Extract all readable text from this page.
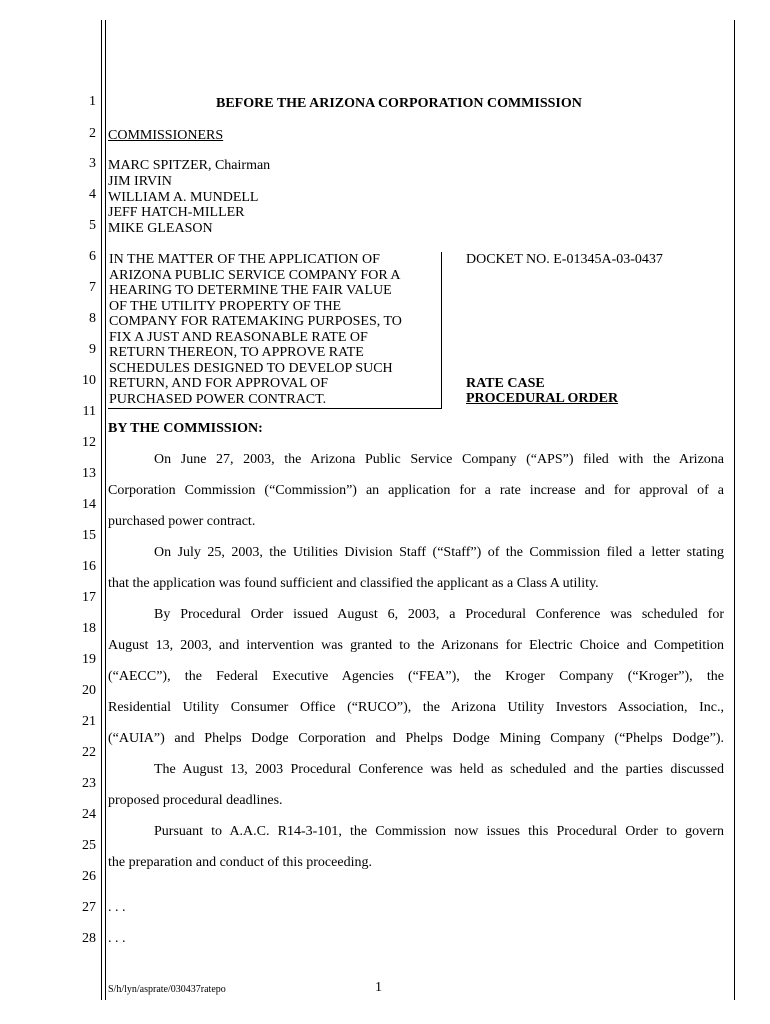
1
2
3
4
5
6
7
8
9
10
11
12
13
14
15
16
17
18
19
20
21
22
23
24
25
26
27
28
BEFORE THE ARIZONA CORPORATION COMMISSION
COMMISSIONERS
MARC SPITZER, Chairman
JIM IRVIN
WILLIAM A. MUNDELL
JEFF HATCH-MILLER
MIKE GLEASON
IN THE MATTER OF THE APPLICATION OF
ARIZONA PUBLIC SERVICE COMPANY FOR A
HEARING TO DETERMINE THE FAIR VALUE
OF THE UTILITY PROPERTY OF THE
COMPANY FOR RATEMAKING PURPOSES, TO
FIX A JUST AND REASONABLE RATE OF
RETURN THEREON, TO APPROVE RATE
SCHEDULES DESIGNED TO DEVELOP SUCH
RETURN, AND FOR APPROVAL OF
PURCHASED POWER CONTRACT.
DOCKET NO. E-01345A-03-0437
RATE CASE
PROCEDURAL ORDER
BY THE COMMISSION:
On June 27, 2003, the Arizona Public Service Company (“APS”) filed with the Arizona
Corporation Commission (“Commission”) an application for a rate increase and for approval of a
purchased power contract.
On July 25, 2003, the Utilities Division Staff (“Staff”) of the Commission filed a letter stating
that the application was found sufficient and classified the applicant as a Class A utility.
By Procedural Order issued August 6, 2003, a Procedural Conference was scheduled for
August 13, 2003, and intervention was granted to the Arizonans for Electric Choice and Competition
(“AECC”), the Federal Executive Agencies (“FEA”), the Kroger Company (“Kroger”), the
Residential Utility Consumer Office (“RUCO”), the Arizona Utility Investors Association, Inc.,
(“AUIA”) and Phelps Dodge Corporation and Phelps Dodge Mining Company (“Phelps Dodge”).
The August 13, 2003 Procedural Conference was held as scheduled and the parties discussed
proposed procedural deadlines.
Pursuant to A.A.C. R14-3-101, the Commission now issues this Procedural Order to govern
the preparation and conduct of this proceeding.
. . .
. . .
S/h/lyn/asprate/030437ratepo	1
